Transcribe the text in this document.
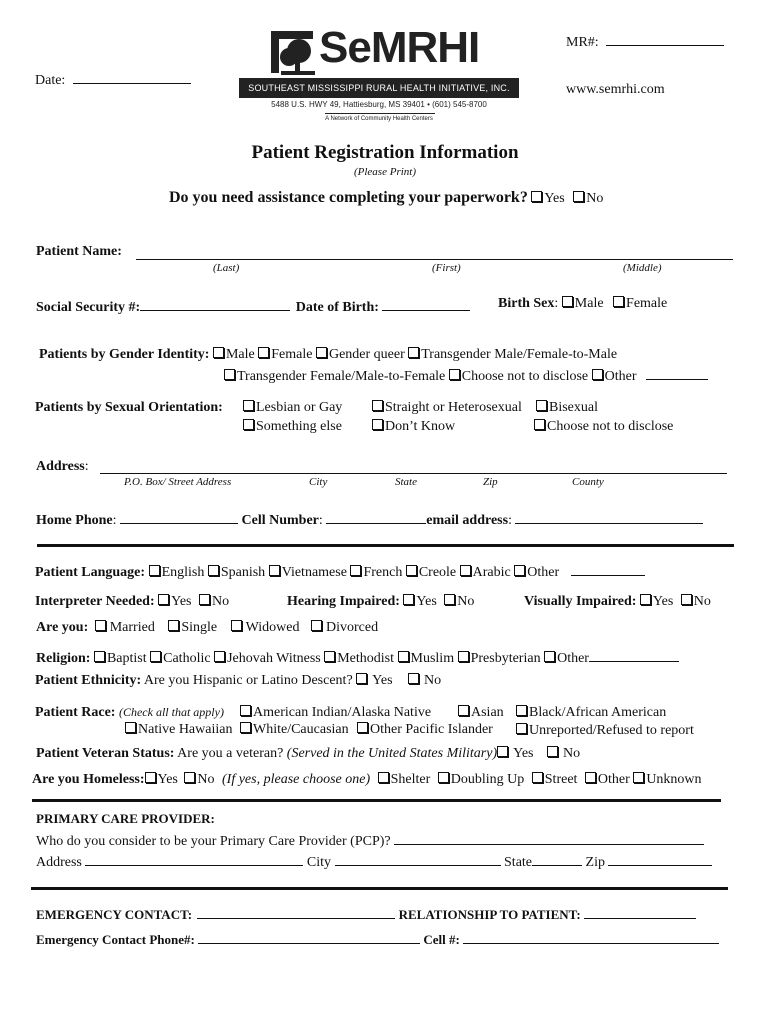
MR#:
Date:
www.semrhi.com
SeMRHI
SOUTHEAST MISSISSIPPI RURAL HEALTH INITIATIVE, INC.
5488 U.S. HWY 49, Hattiesburg, MS 39401 • (601) 545-8700
A Network of Community Health Centers
Patient Registration Information
(Please Print)
Do you need assistance completing your paperwork? Yes No
Patient Name:
(Last)	(First)	(Middle)
Social Security #:	Date of Birth:	Birth Sex: Male Female
Patients by Gender Identity: Male Female Gender queer Transgender Male/Female-to-Male
Transgender Female/Male-to-Female Choose not to disclose Other
Patients by Sexual Orientation:	Lesbian or Gay	Straight or Heterosexual	Bisexual
Something else	Don’t Know	Choose not to disclose
Address:
P.O. Box/ Street Address	City	State	Zip	County
Home Phone:	Cell Number:	email address:
Patient Language: English Spanish Vietnamese French Creole Arabic Other
Interpreter Needed: Yes No	Hearing Impaired: Yes No	Visually Impaired: Yes No
Are you: Married Single Widowed Divorced
Religion: Baptist Catholic Jehovah Witness Methodist Muslim Presbyterian Other
Patient Ethnicity: Are you Hispanic or Latino Descent? Yes No
Patient Race: (Check all that apply)	American Indian/Alaska Native	Asian	Black/African American
Native Hawaiian	White/Caucasian	Other Pacific Islander	Unreported/Refused to report
Patient Veteran Status: Are you a veteran? (Served in the United States Military) Yes No
Are you Homeless: Yes No (If yes, please choose one) Shelter Doubling Up Street Other Unknown
PRIMARY CARE PROVIDER:
Who do you consider to be your Primary Care Provider (PCP)?
Address	City	State	Zip
EMERGENCY CONTACT:	RELATIONSHIP TO PATIENT:
Emergency Contact Phone#:	Cell #:
